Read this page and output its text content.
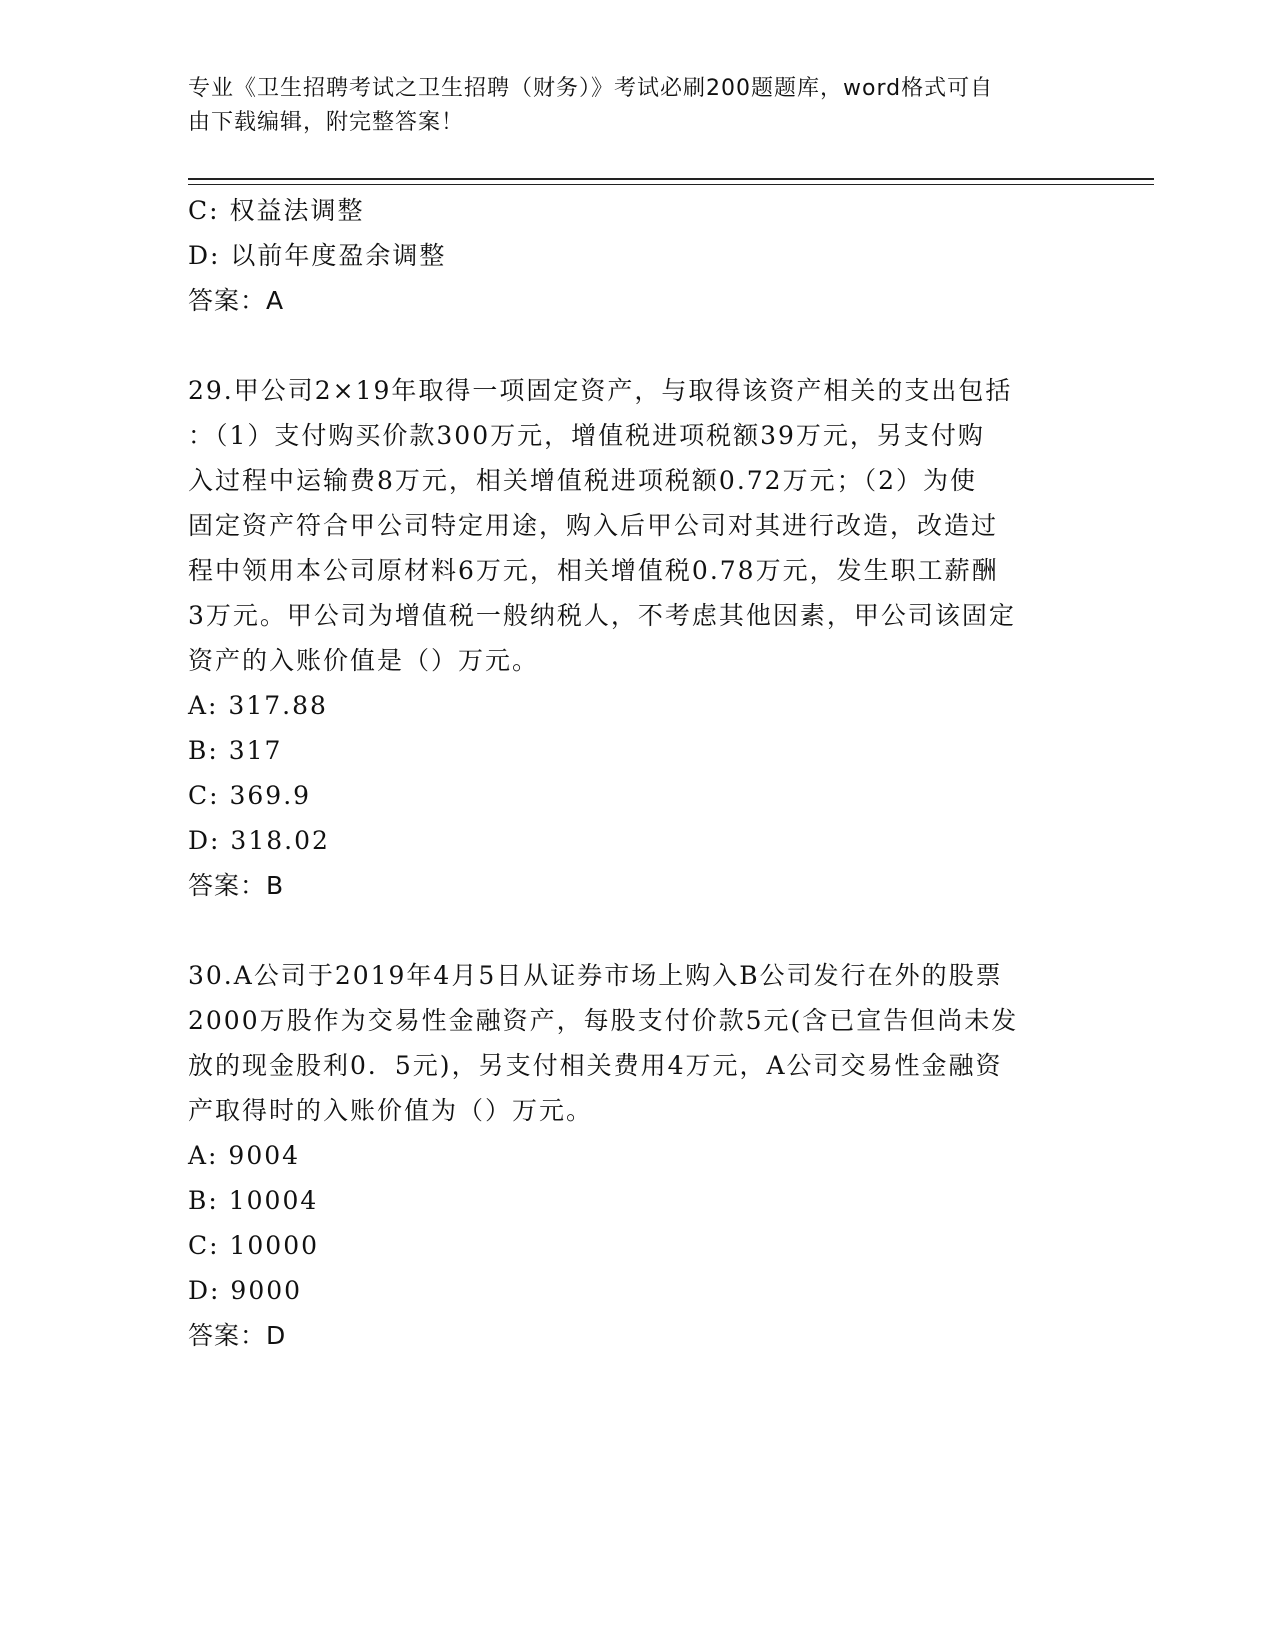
专业《卫生招聘考试之卫生招聘（财务）》考试必刷200题题库，word格式可自
由下载编辑，附完整答案！
C: 权益法调整
D: 以前年度盈余调整
答案：A
29.甲公司2×19年取得一项固定资产，与取得该资产相关的支出包括
：（1）支付购买价款300万元，增值税进项税额39万元，另支付购
入过程中运输费8万元，相关增值税进项税额0.72万元；（2）为使
固定资产符合甲公司特定用途，购入后甲公司对其进行改造，改造过
程中领用本公司原材料6万元，相关增值税0.78万元，发生职工薪酬
3万元。甲公司为增值税一般纳税人，不考虑其他因素，甲公司该固定
资产的入账价值是（）万元。
A: 317.88
B: 317
C: 369.9
D: 318.02
答案：B
30.A公司于2019年4月5日从证券市场上购入B公司发行在外的股票
2000万股作为交易性金融资产，每股支付价款5元(含已宣告但尚未发
放的现金股利0．5元)，另支付相关费用4万元，A公司交易性金融资
产取得时的入账价值为（）万元。
A: 9004
B: 10004
C: 10000
D: 9000
答案：D
